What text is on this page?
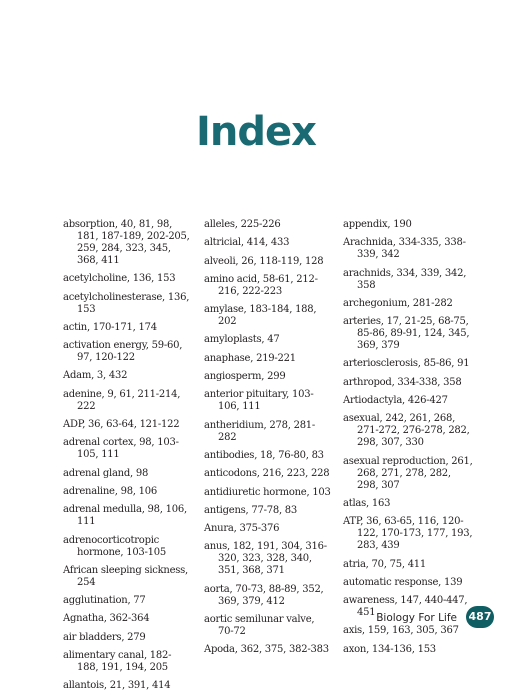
Index

absorption, 40, 81, 98, 181, 187-189, 202-205, 259, 284, 323, 345, 368, 411

acetylcholine, 136, 153

acetylcholinesterase, 136, 153

actin, 170-171, 174

activation energy, 59-60, 97, 120-122

Adam, 3, 432

adenine, 9, 61, 211-214, 222

ADP, 36, 63-64, 121-122

adrenal cortex, 98, 103-105, 111

adrenal gland, 98

adrenaline, 98, 106

adrenal medulla, 98, 106, 111

adrenocorticotropic hormone, 103-105

African sleeping sickness, 254

agglutination, 77

Agnatha, 362-364

air bladders, 279

alimentary canal, 182-188, 191, 194, 205

allantois, 21, 391, 414

alleles, 225-226

altricial, 414, 433

alveoli, 26, 118-119, 128

amino acid, 58-61, 212-216, 222-223

amylase, 183-184, 188, 202

amyloplasts, 47

anaphase, 219-221

angiosperm, 299

anterior pituitary, 103-106, 111

antheridium, 278, 281-282

antibodies, 18, 76-80, 83

anticodons, 216, 223, 228

antidiuretic hormone, 103

antigens, 77-78, 83

Anura, 375-376

anus, 182, 191, 304, 316-320, 323, 328, 340, 351, 368, 371

aorta, 70-73, 88-89, 352, 369, 379, 412

aortic semilunar valve, 70-72

Apoda, 362, 375, 382-383

appendix, 190

Arachnida, 334-335, 338-339, 342

arachnids, 334, 339, 342, 358

archegonium, 281-282

arteries, 17, 21-25, 68-75, 85-86, 89-91, 124, 345, 369, 379

arteriosclerosis, 85-86, 91

arthropod, 334-338, 358

Artiodactyla, 426-427

asexual, 242, 261, 268, 271-272, 276-278, 282, 298, 307, 330

asexual reproduction, 261, 268, 271, 278, 282, 298, 307

atlas, 163

ATP, 36, 63-65, 116, 120-122, 170-173, 177, 193, 283, 439

atria, 70, 75, 411

automatic response, 139

awareness, 147, 440-447, 451

axis, 159, 163, 305, 367

axon, 134-136, 153

Biology For Life 487
